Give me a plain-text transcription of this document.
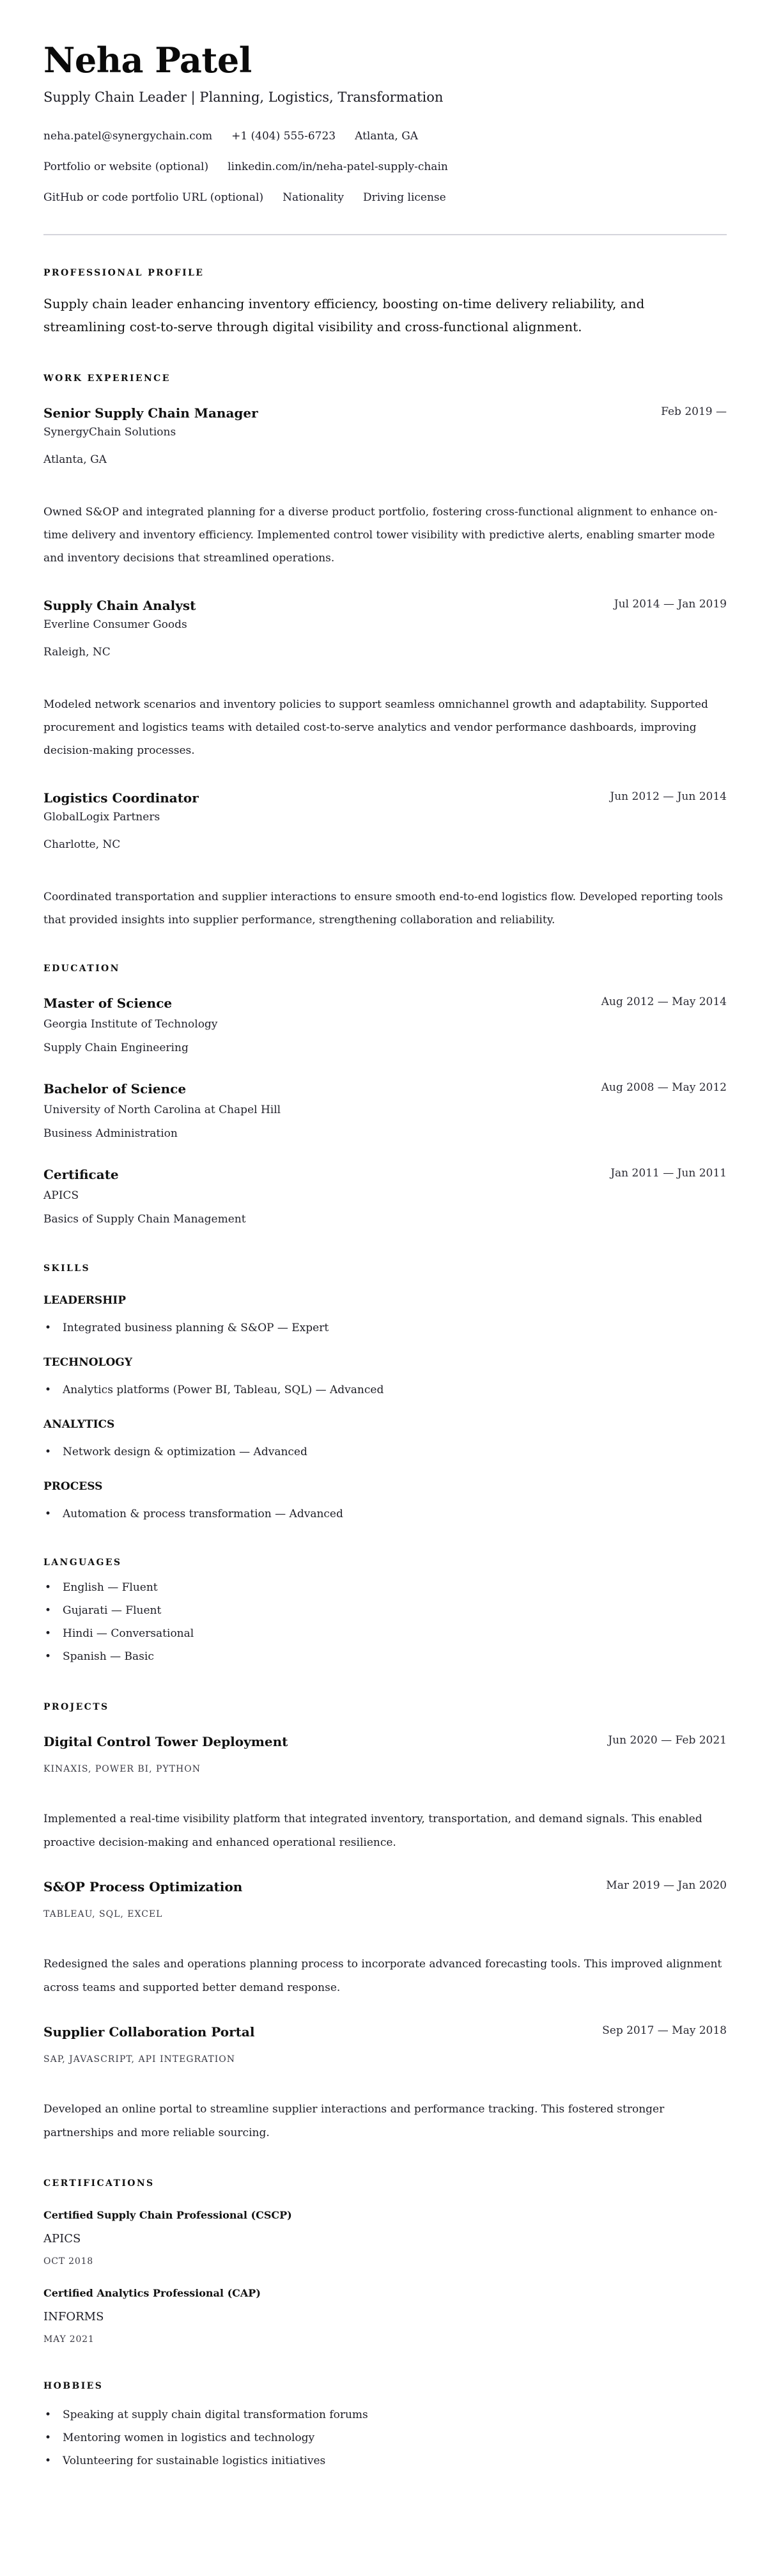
Neha Patel
Supply Chain Leader | Planning, Logistics, Transformation
neha.patel@synergychain.com +1 (404) 555-6723 Atlanta, GA
Portfolio or website (optional) linkedin.com/in/neha-patel-supply-chain
GitHub or code portfolio URL (optional) Nationality Driving license
PROFESSIONAL PROFILE

Supply chain leader enhancing inventory efficiency, boosting on-time delivery reliability, and streamlining cost-to-serve through digital visibility and cross-functional alignment.

WORK EXPERIENCE
Senior Supply Chain Manager	Feb 2019 —
SynergyChain Solutions
Atlanta, GA

Owned S&OP and integrated planning for a diverse product portfolio, fostering cross-functional alignment to enhance on-time delivery and inventory efficiency. Implemented control tower visibility with predictive alerts, enabling smarter mode and inventory decisions that streamlined operations.

Supply Chain Analyst	Jul 2014 — Jan 2019
Everline Consumer Goods
Raleigh, NC

Modeled network scenarios and inventory policies to support seamless omnichannel growth and adaptability. Supported procurement and logistics teams with detailed cost-to-serve analytics and vendor performance dashboards, improving decision-making processes.

Logistics Coordinator	Jun 2012 — Jun 2014
GlobalLogix Partners
Charlotte, NC

Coordinated transportation and supplier interactions to ensure smooth end-to-end logistics flow. Developed reporting tools that provided insights into supplier performance, strengthening collaboration and reliability.

EDUCATION
Master of Science	Aug 2012 — May 2014
Georgia Institute of Technology
Supply Chain Engineering
Bachelor of Science	Aug 2008 — May 2012
University of North Carolina at Chapel Hill
Business Administration
Certificate	Jan 2011 — Jun 2011
APICS
Basics of Supply Chain Management
SKILLS
LEADERSHIP
• Integrated business planning & S&OP — Expert
TECHNOLOGY
• Analytics platforms (Power BI, Tableau, SQL) — Advanced
ANALYTICS
• Network design & optimization — Advanced
PROCESS
• Automation & process transformation — Advanced
LANGUAGES
• English — Fluent
• Gujarati — Fluent
• Hindi — Conversational
• Spanish — Basic
PROJECTS
Digital Control Tower Deployment	Jun 2020 — Feb 2021
KINAXIS, POWER BI, PYTHON

Implemented a real-time visibility platform that integrated inventory, transportation, and demand signals. This enabled proactive decision-making and enhanced operational resilience.

S&OP Process Optimization	Mar 2019 — Jan 2020
TABLEAU, SQL, EXCEL

Redesigned the sales and operations planning process to incorporate advanced forecasting tools. This improved alignment across teams and supported better demand response.

Supplier Collaboration Portal	Sep 2017 — May 2018
SAP, JAVASCRIPT, API INTEGRATION

Developed an online portal to streamline supplier interactions and performance tracking. This fostered stronger partnerships and more reliable sourcing.

CERTIFICATIONS
Certified Supply Chain Professional (CSCP)
APICS
OCT 2018
Certified Analytics Professional (CAP)
INFORMS
MAY 2021
HOBBIES
• Speaking at supply chain digital transformation forums
• Mentoring women in logistics and technology
• Volunteering for sustainable logistics initiatives
